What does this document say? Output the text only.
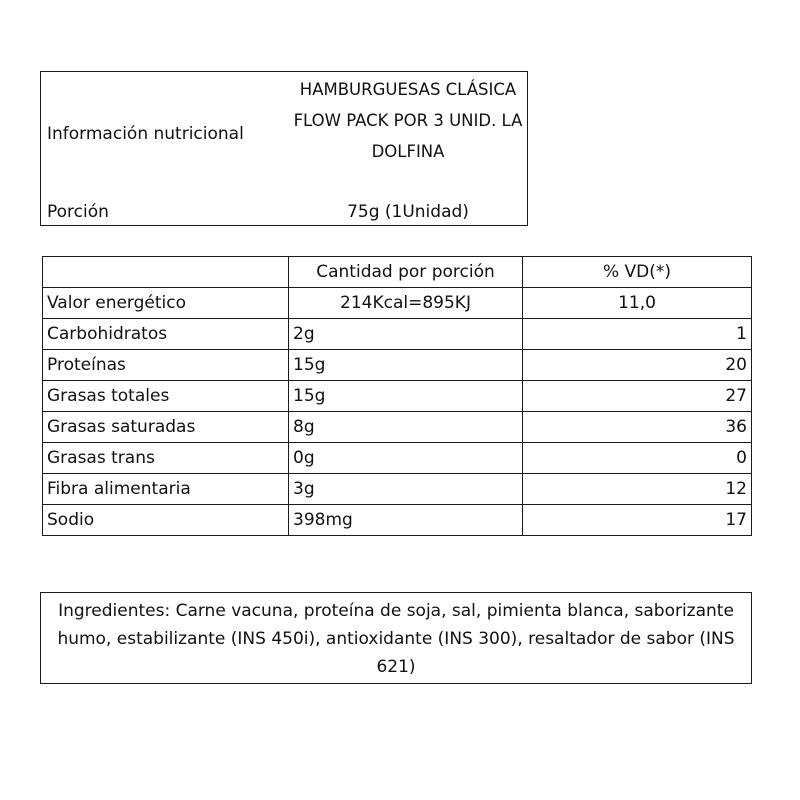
Información nutricional
HAMBURGUESAS CLÁSICA FLOW PACK POR 3 UNID. LA DOLFINA
Porción	75g (1Unidad)
	Cantidad por porción	% VD(*)
Valor energético	214Kcal=895KJ	11,0
Carbohidratos	2g	1
Proteínas	15g	20
Grasas totales	15g	27
Grasas saturadas	8g	36
Grasas trans	0g	0
Fibra alimentaria	3g	12
Sodio	398mg	17
Ingredientes: Carne vacuna, proteína de soja, sal, pimienta blanca, saborizante humo, estabilizante (INS 450i), antioxidante (INS 300), resaltador de sabor (INS 621)
